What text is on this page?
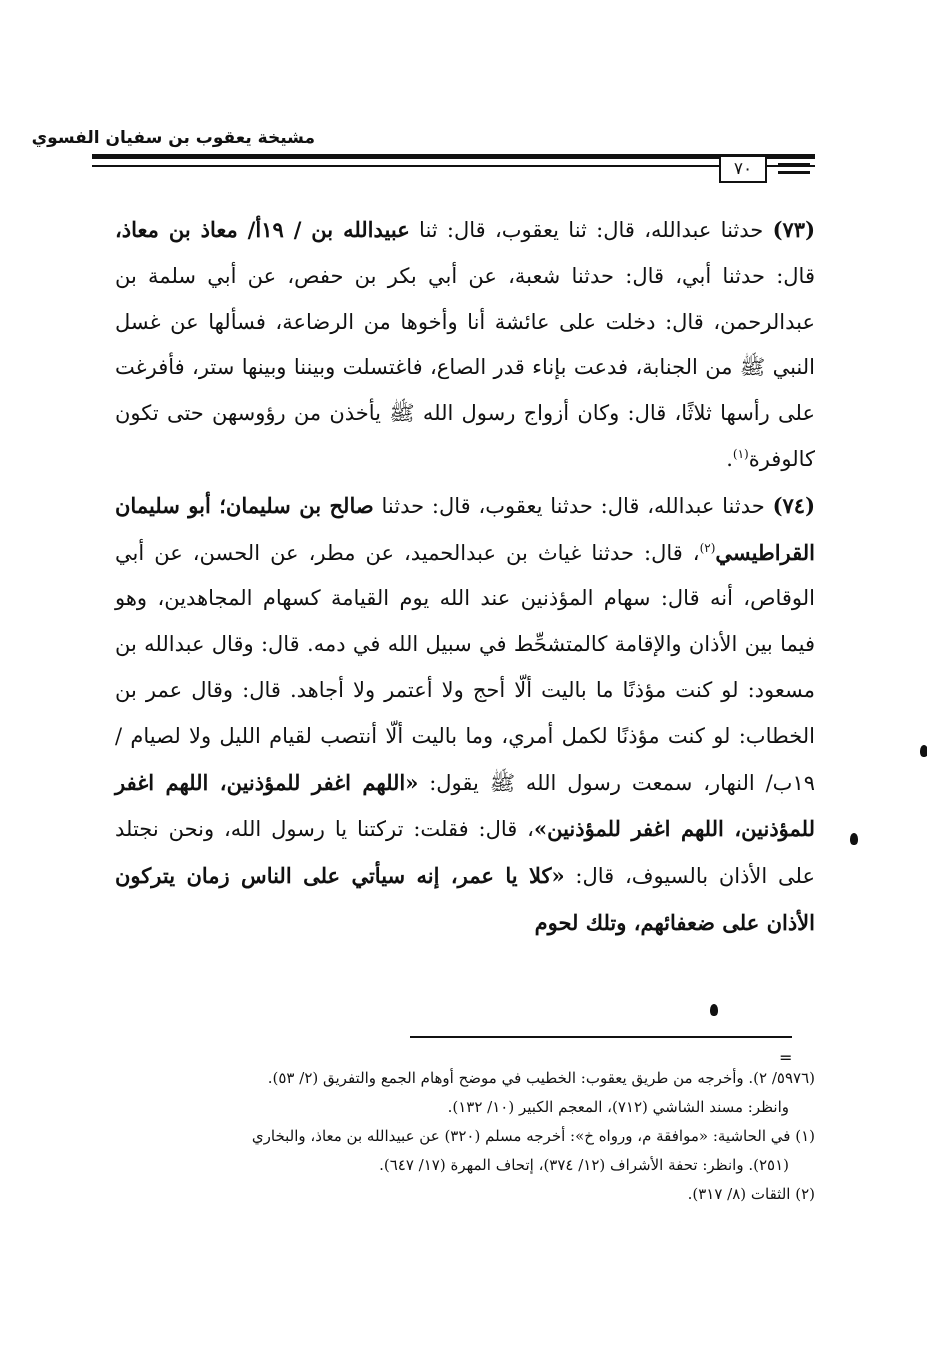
مشيخة يعقوب بن سفيان الفسوي
٧٠

(٧٣) حدثنا عبدالله، قال: ثنا يعقوب، قال: ثنا عبيدالله بن / ١٩أ/ معاذ بن معاذ، قال: حدثنا أبي، قال: حدثنا شعبة، عن أبي بكر بن حفص، عن أبي سلمة بن عبدالرحمن، قال: دخلت على عائشة أنا وأخوها من الرضاعة، فسألها عن غسل النبي ﷺ من الجنابة، فدعت بإناء قدر الصاع، فاغتسلت وبيننا وبينها ستر، فأفرغت على رأسها ثلاثًا، قال: وكان أزواج رسول الله ﷺ يأخذن من رؤوسهن حتى تكون كالوفرة$^{(١)}$.

(٧٤) حدثنا عبدالله، قال: حدثنا يعقوب، قال: حدثنا صالح بن سليمان؛ أبو سليمان القراطيسي$^{(٢)}$، قال: حدثنا غياث بن عبدالحميد، عن مطر، عن الحسن، عن أبي الوقاص، أنه قال: سهام المؤذنين عند الله يوم القيامة كسهام المجاهدين، وهو فيما بين الأذان والإقامة كالمتشحِّط في سبيل الله في دمه. قال: وقال عبدالله بن مسعود: لو كنت مؤذنًا ما باليت ألّا أحج ولا أعتمر ولا أجاهد. قال: وقال عمر بن الخطاب: لو كنت مؤذنًا لكمل أمري، وما باليت ألّا أنتصب لقيام الليل ولا لصيام /١٩ب/ النهار، سمعت رسول الله ﷺ يقول: «اللهم اغفر للمؤذنين، اللهم اغفر للمؤذنين، اللهم اغفر للمؤذنين»، قال: فقلت: تركتنا يا رسول الله، ونحن نجتلد على الأذان بالسيوف، قال: «كلا يا عمر، إنه سيأتي على الناس زمان يتركون الأذان على ضعفائهم، وتلك لحوم

=

(٥٩٧٦/ ٢). وأخرجه من طريق يعقوب: الخطيب في موضح أوهام الجمع والتفريق (٢/ ٥٣).

وانظر: مسند الشاشي (٧١٢)، المعجم الكبير (١٠/ ١٣٢).

(١) في الحاشية: «موافقة م، ورواه خ»: أخرجه مسلم (٣٢٠) عن عبيدالله بن معاذ، والبخاري

(٢٥١). وانظر: تحفة الأشراف (١٢/ ٣٧٤)، إتحاف المهرة (١٧/ ٦٤٧).

(٢) الثقات (٨/ ٣١٧).
